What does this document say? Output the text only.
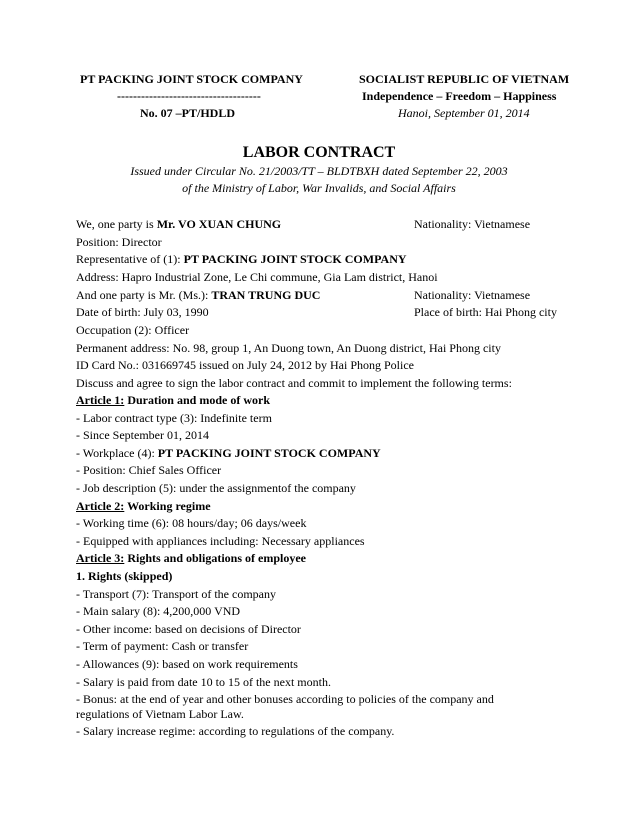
PT PACKING JOINT STOCK COMPANY
------------------------------------
No. 07 –PT/HDLD
SOCIALIST REPUBLIC OF VIETNAM
Independence – Freedom – Happiness
Hanoi, September 01, 2014
LABOR CONTRACT
Issued under Circular No. 21/2003/TT – BLDTBXH dated September 22, 2003
of the Ministry of Labor, War Invalids, and Social Affairs
We, one party is Mr. VO XUAN CHUNG	Nationality: Vietnamese
Position: Director
Representative of (1): PT PACKING JOINT STOCK COMPANY
Address: Hapro Industrial Zone, Le Chi commune, Gia Lam district, Hanoi
And one party is Mr. (Ms.): TRAN TRUNG DUC	Nationality: Vietnamese
Date of birth: July 03, 1990	Place of birth: Hai Phong city
Occupation (2): Officer
Permanent address: No. 98, group 1, An Duong town, An Duong district, Hai Phong city
ID Card No.: 031669745 issued on July 24, 2012 by Hai Phong Police
Discuss and agree to sign the labor contract and commit to implement the following terms:
Article 1: Duration and mode of work
- Labor contract type (3): Indefinite term
- Since September 01, 2014
- Workplace (4): PT PACKING JOINT STOCK COMPANY
- Position: Chief Sales Officer
- Job description (5): under the assignmentof the company
Article 2: Working regime
- Working time (6): 08 hours/day; 06 days/week
- Equipped with appliances including: Necessary appliances
Article 3: Rights and obligations of employee
1. Rights (skipped)
- Transport (7): Transport of the company
- Main salary (8): 4,200,000 VND
- Other income: based on decisions of Director
- Term of payment: Cash or transfer
- Allowances (9): based on work requirements
- Salary is paid from date 10 to 15 of the next month.
- Bonus: at the end of year and other bonuses according to policies of the company and
regulations of Vietnam Labor Law.
- Salary increase regime: according to regulations of the company.
